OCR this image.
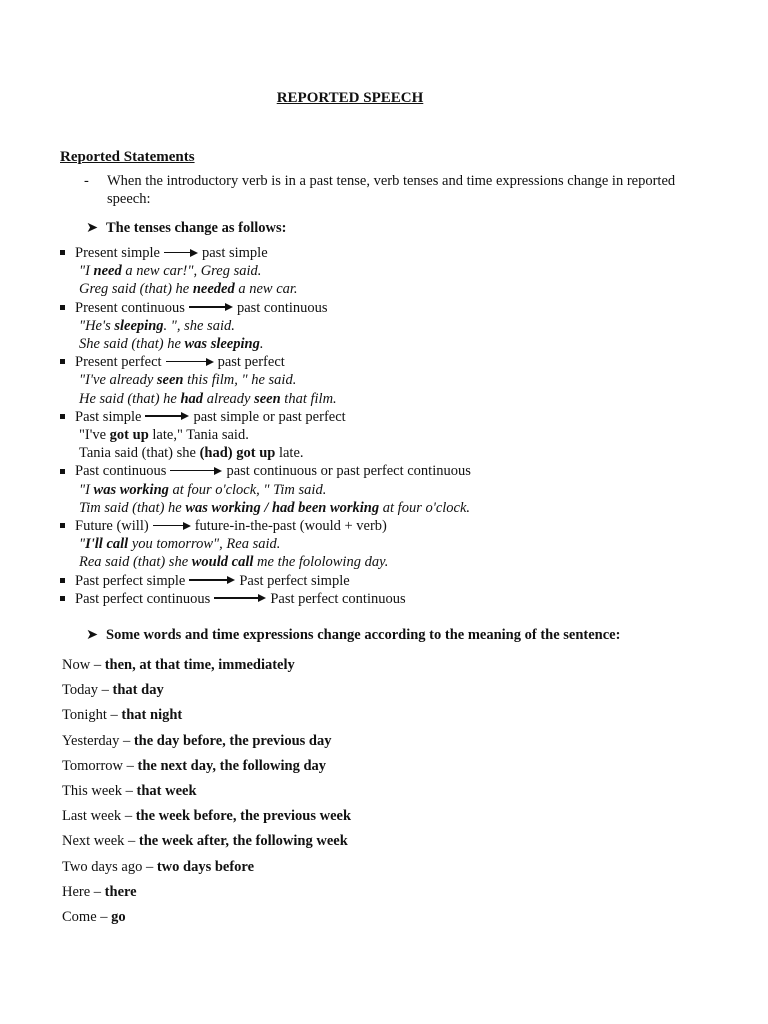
REPORTED SPEECH
Reported Statements
- When the introductory verb is in a past tense, verb tenses and time expressions change in reported speech:
➤ The tenses change as follows:
Present simple	past simple
"I need a new car!", Greg said.
Greg said (that) he needed a new car.
Present continuous	past continuous
"He's sleeping. ", she said.
She said (that) he was sleeping.
Present perfect	past perfect
"I've already seen this film, " he said.
He said (that) he had already seen that film.
Past simple	past simple or past perfect
"I've got up late," Tania said.
Tania said (that) she (had) got up late.
Past continuous	past continuous or past perfect continuous
"I was working at four o'clock, " Tim said.
Tim said (that) he was working / had been working at four o'clock.
Future (will)	future-in-the-past (would + verb)
"I'll call you tomorrow", Rea said.
Rea said (that) she would call me the fololowing day.
Past perfect simple	Past perfect simple
Past perfect continuous	Past perfect continuous
➤ Some words and time expressions change according to the meaning of the sentence:
Now – then, at that time, immediately
Today – that day
Tonight – that night
Yesterday – the day before, the previous day
Tomorrow – the next day, the following day
This week – that week
Last week – the week before, the previous week
Next week – the week after, the following week
Two days ago – two days before
Here – there
Come – go
